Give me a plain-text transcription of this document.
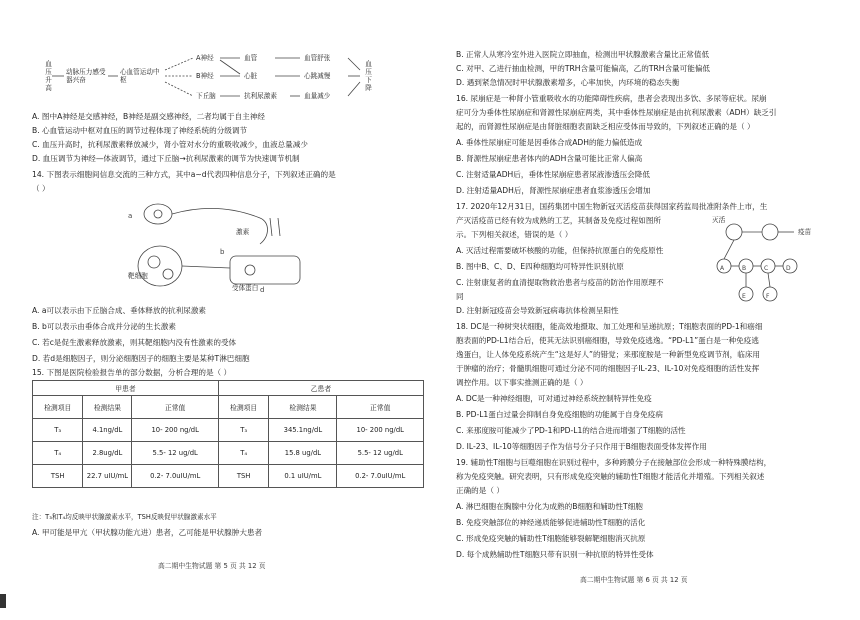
血压升高
动脉压力感受器兴奋
心血管运动中枢
A神经
B神经
下丘脑
血管
心脏
抗利尿激素
血管舒张
心跳减慢
血量减少
血压下降
A. 图中A神经是交感神经，B神经是副交感神经，二者均属于自主神经
B. 心血管运动中枢对血压的调节过程体现了神经系统的分级调节
C. 血压升高时，抗利尿激素释放减少，肾小管对水分的重吸收减少，血液总量减少
D. 血压调节为神经—体液调节，通过下丘脑→抗利尿激素的调节为快速调节机制
14. 下图表示细胞间信息交流的三种方式，其中a~d代表四种信息分子，下列叙述正确的是
（ ）
a
b
d
激素
靶细胞
受体蛋白
A. a可以表示由下丘脑合成、垂体释放的抗利尿激素
B. b可以表示由垂体合成并分泌的生长激素
C. 若c是促生激素释放激素，则其靶细胞内没有性激素的受体
D. 若d是细胞因子，则分泌细胞因子的细胞主要是某种T淋巴细胞
15. 下图是医院检验报告单的部分数据，分析合理的是（ ）
甲患者			乙患者		
检测项目	检测结果	正常值	检测项目	检测结果	正常值
T₃	4.1ng/dL	10- 200 ng/dL	T₃	345.1ng/dL	10- 200 ng/dL
T₄	2.8ug/dL	5.5- 12 ug/dL	T₄	15.8 ug/dL	5.5- 12 ug/dL
TSH	22.7 uIU/mL	0.2- 7.0uIU/mL	TSH	0.1 uIU/mL	0.2- 7.0uIU/mL
注：T₃和T₄均反映甲状腺激素水平，TSH反映促甲状腺激素水平
A. 甲可能是甲亢（甲状腺功能亢进）患者，乙可能是甲状腺肿大患者
高二期中生物试题 第 5 页 共 12 页
B. 正常人从寒冷室外进入医院立即抽血，检测出甲状腺激素含量比正常值低
C. 对甲、乙进行抽血检测，甲的TRH含量可能偏高，乙的TRH含量可能偏低
D. 遇到紧急情况时甲状腺激素增多，心率加快，内环境的稳态失衡
16. 尿崩症是一种肾小管重吸收水的功能障碍性疾病，患者会表现出多饮、多尿等症状。尿崩
症可分为垂体性尿崩症和肾源性尿崩症两类，其中垂体性尿崩症是由抗利尿激素（ADH）缺乏引
起的，而肾源性尿崩症是由肾脏细胞表面缺乏相应受体而导致的，下列叙述正确的是（ ）
A. 垂体性尿崩症可能是因垂体合成ADH的能力偏低造成
B. 肾源性尿崩症患者体内的ADH含量可能比正常人偏高
C. 注射适量ADH后，垂体性尿崩症患者尿液渗透压会降低
D. 注射适量ADH后，肾源性尿崩症患者血浆渗透压会增加
17. 2020年12月31日，国药集团中国生物新冠灭活疫苗获得国家药监局批准附条件上市，生
产灭活疫苗已经有较为成熟的工艺，其制备及免疫过程如图所
示。下列相关叙述，错误的是（ ）
A. 灭活过程需要破坏核酸的功能，但保持抗原蛋白的免疫原性
B. 图中B、C、D、E四种细胞均可特异性识别抗原
C. 注射康复者的血清提取物救治患者与疫苗的防治作用原理不
同
D. 注射新冠疫苗会导致新冠病毒抗体检测呈阳性
A	B	C	D
E	F
灭活
疫苗
18. DC是一种树突状细胞，能高效地摄取、加工处理和呈递抗原；T细胞表面的PD-1和癌细
胞表面的PD-L1结合后，使其无法识别癌细胞，导致免疫逃逸。“PD-L1”蛋白是一种免疫逃
逸蛋白，让人体免疫系统产生“这是好人”的错觉；来那度胺是一种新型免疫调节剂，临床用
于肿瘤的治疗；骨髓肌细胞可通过分泌不同的细胞因子IL-23、IL-10对免疫细胞的活性发挥
调控作用。以下事实推测正确的是（ ）
A. DC是一种神经细胞，可对通过神经系统控制特异性免疫
B. PD-L1蛋白过量会抑制自身免疫细胞的功能属于自身免疫病
C. 来那度胺可能减少了PD-1和PD-L1的结合进而增强了T细胞的活性
D. IL-23、IL-10等细胞因子作为信号分子只作用于B细胞表面受体发挥作用
19. 辅助性T细胞与巨噬细胞在识别过程中，多种跨膜分子在接触部位会形成一种特殊膜结构，
称为免疫突触。研究表明，只有形成免疫突触的辅助性T细胞才能活化并增殖。下列相关叙述
正确的是（ ）
A. 淋巴细胞在胸腺中分化为成熟的B细胞和辅助性T细胞
B. 免疫突触部位的神经递质能够促进辅助性T细胞的活化
C. 形成免疫突触的辅助性T细胞能够裂解靶细胞消灭抗原
D. 每个成熟辅助性T细胞只带有识别一种抗原的特异性受体
高二期中生物试题 第 6 页 共 12 页
